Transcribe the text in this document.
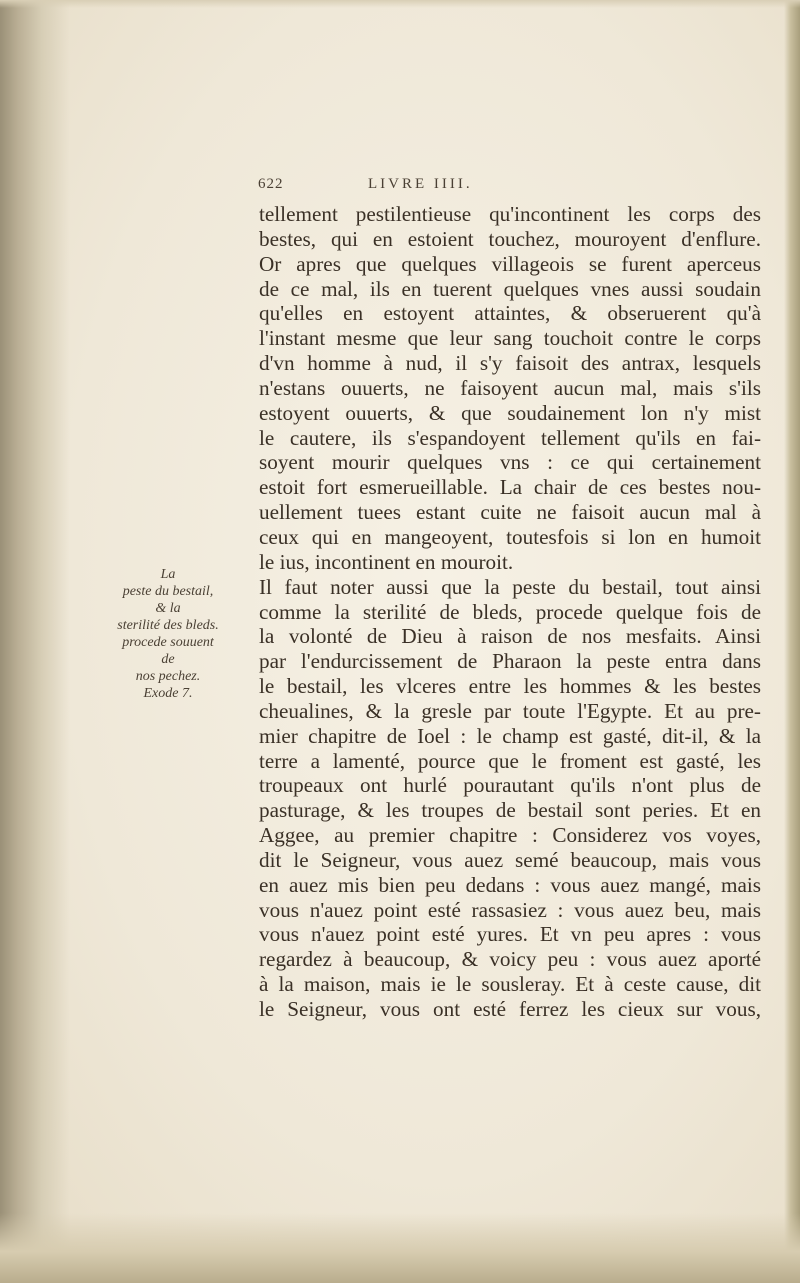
622	LIVRE IIII.
La
peste du bestail,
& la
sterilité des bleds.
procede souuent
de
nos pechez.
Exode 7.
tellement pestilentieuse qu'incontinent les corps des
bestes, qui en estoient touchez, mouroyent d'enflure.
Or apres que quelques villageois se furent aperceus
de ce mal, ils en tuerent quelques vnes aussi soudain
qu'elles en estoyent attaintes, & obseruerent qu'à
l'instant mesme que leur sang touchoit contre le corps
d'vn homme à nud, il s'y faisoit des antrax, lesquels
n'estans ouuerts, ne faisoyent aucun mal, mais s'ils
estoyent ouuerts, & que soudainement lon n'y mist
le cautere, ils s'espandoyent tellement qu'ils en fai-
soyent mourir quelques vns : ce qui certainement
estoit fort esmerueillable. La chair de ces bestes nou-
uellement tuees estant cuite ne faisoit aucun mal à
ceux qui en mangeoyent, toutesfois si lon en humoit
le ius, incontinent en mouroit.
Il faut noter aussi que la peste du bestail, tout ainsi
comme la sterilité de bleds, procede quelque fois de
la volonté de Dieu à raison de nos mesfaits. Ainsi
par l'endurcissement de Pharaon la peste entra dans
le bestail, les vlceres entre les hommes & les bestes
cheualines, & la gresle par toute l'Egypte. Et au pre-
mier chapitre de Ioel : le champ est gasté, dit-il, & la
terre a lamenté, pource que le froment est gasté, les
troupeaux ont hurlé pourautant qu'ils n'ont plus de
pasturage, & les troupes de bestail sont peries. Et en
Aggee, au premier chapitre : Considerez vos voyes,
dit le Seigneur, vous auez semé beaucoup, mais vous
en auez mis bien peu dedans : vous auez mangé, mais
vous n'auez point esté rassasiez : vous auez beu, mais
vous n'auez point esté yures. Et vn peu apres : vous
regardez à beaucoup, & voicy peu : vous auez aporté
à la maison, mais ie le sousleray. Et à ceste cause, dit
le Seigneur, vous ont esté ferrez les cieux sur vous,
